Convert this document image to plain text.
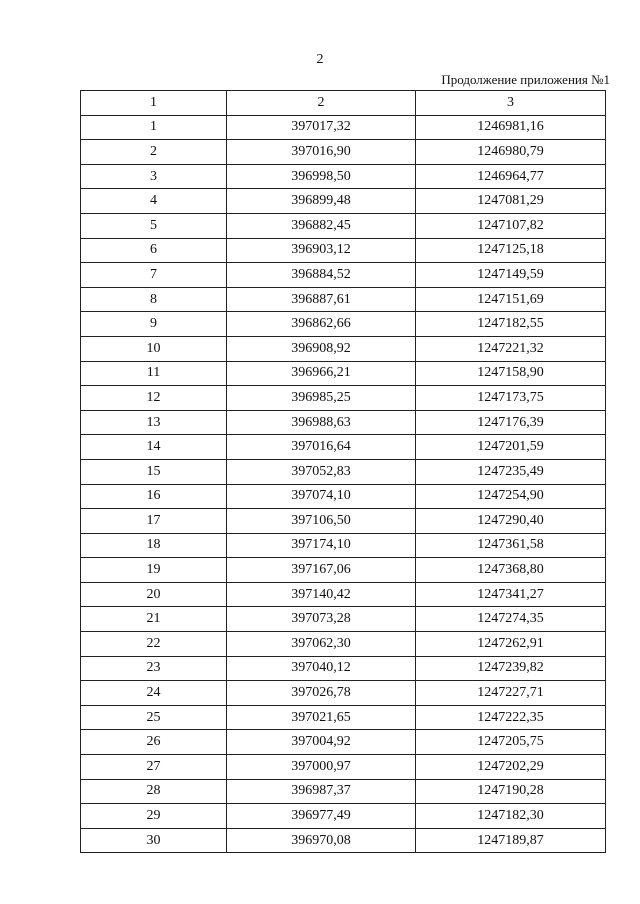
2
Продолжение приложения №1
1	2	3
1	397017,32	1246981,16
2	397016,90	1246980,79
3	396998,50	1246964,77
4	396899,48	1247081,29
5	396882,45	1247107,82
6	396903,12	1247125,18
7	396884,52	1247149,59
8	396887,61	1247151,69
9	396862,66	1247182,55
10	396908,92	1247221,32
11	396966,21	1247158,90
12	396985,25	1247173,75
13	396988,63	1247176,39
14	397016,64	1247201,59
15	397052,83	1247235,49
16	397074,10	1247254,90
17	397106,50	1247290,40
18	397174,10	1247361,58
19	397167,06	1247368,80
20	397140,42	1247341,27
21	397073,28	1247274,35
22	397062,30	1247262,91
23	397040,12	1247239,82
24	397026,78	1247227,71
25	397021,65	1247222,35
26	397004,92	1247205,75
27	397000,97	1247202,29
28	396987,37	1247190,28
29	396977,49	1247182,30
30	396970,08	1247189,87
